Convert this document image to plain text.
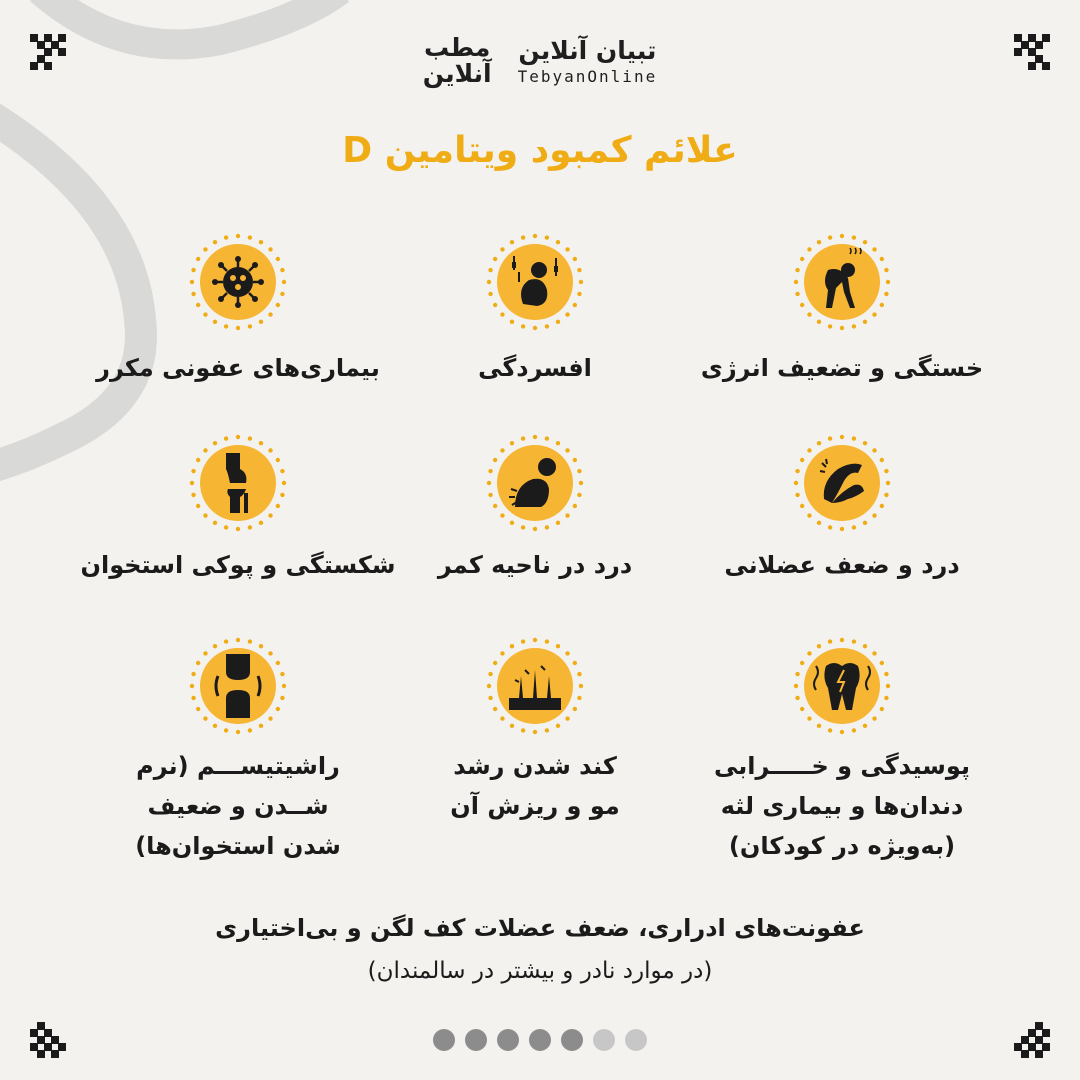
مطب
آنلاین
تبیان آنلاین
TebyanOnline
علائم کمبود ویتامین D
خستگی و تضعیف انرژی
افسردگی
بیماری‌های عفونی مکرر
درد و ضعف عضلانی
درد در ناحیه کمر
شکستگی و پوکی استخوان
پوسیدگی و خـــــرابی
دندان‌ها و بیماری لثه
(به‌ویژه در کودکان)
کند شدن رشد
مو و ریزش آن
راشیتیســـم (نرم
شــدن و ضعیف
شدن استخوان‌ها)
عفونت‌های ادراری، ضعف عضلات کف لگن و بی‌اختیاری
(در موارد نادر و بیشتر در سالمندان)
